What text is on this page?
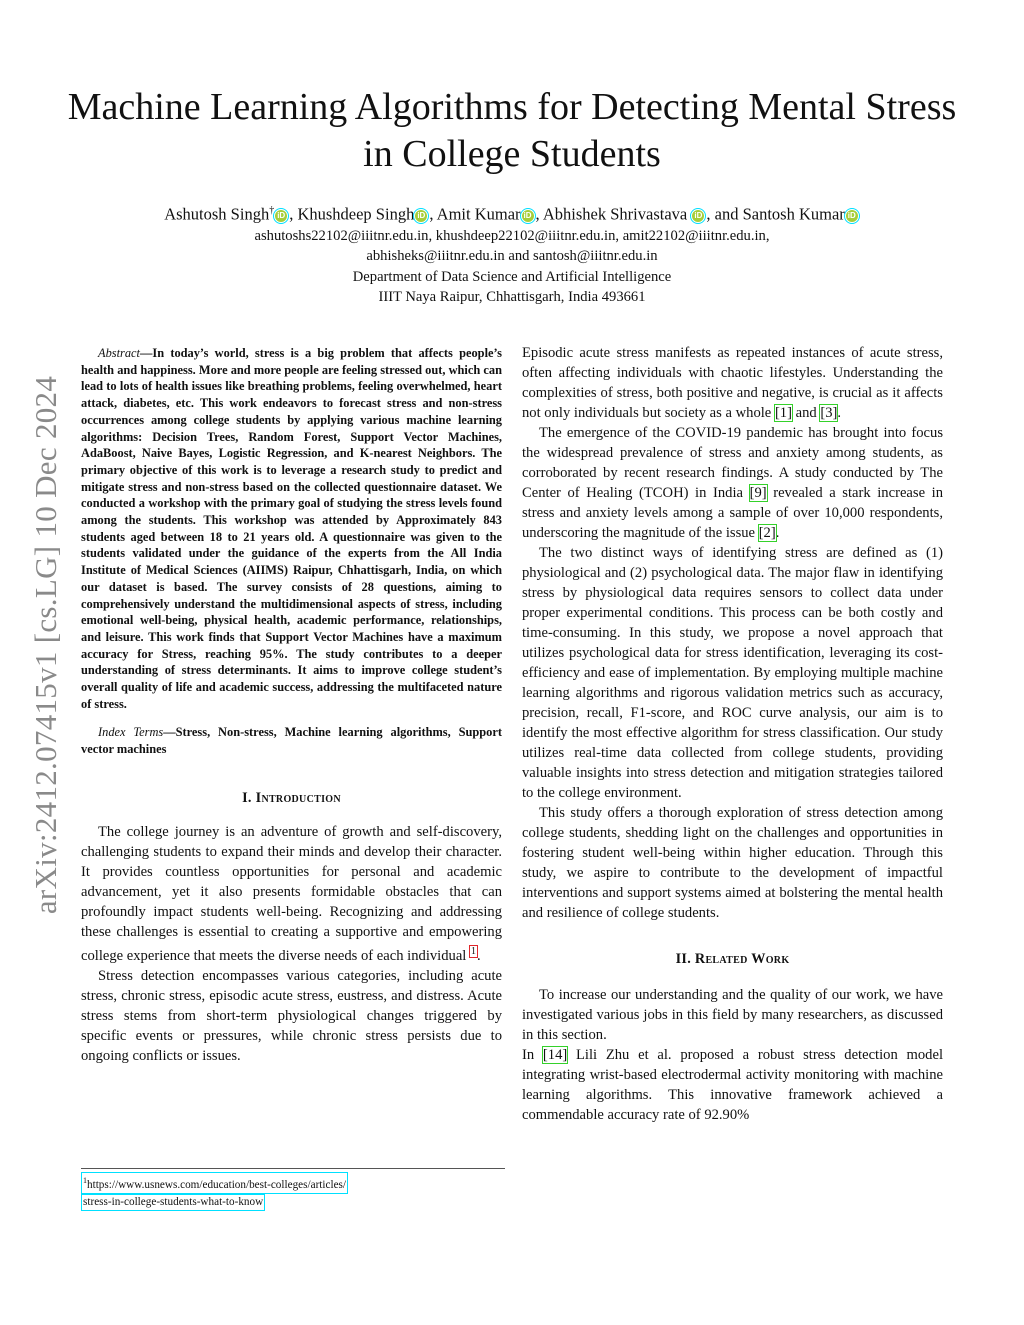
arXiv:2412.07415v1 [cs.LG] 10 Dec 2024
Machine Learning Algorithms for Detecting Mental Stress in College Students
Ashutosh Singh† iD , Khushdeep Singh iD , Amit Kumar iD , Abhishek Shrivastava iD , and Santosh Kumar iD
ashutoshs22102@iiitnr.edu.in, khushdeep22102@iiitnr.edu.in, amit22102@iiitnr.edu.in,
abhisheks@iiitnr.edu.in and santosh@iiitnr.edu.in
Department of Data Science and Artificial Intelligence
IIIT Naya Raipur, Chhattisgarh, India 493661

Abstract—In today’s world, stress is a big problem that affects people’s health and happiness. More and more people are feeling stressed out, which can lead to lots of health issues like breathing problems, feeling overwhelmed, heart attack, diabetes, etc. This work endeavors to forecast stress and non-stress occurrences among college students by applying various machine learning algorithms: Decision Trees, Random Forest, Support Vector Machines, AdaBoost, Naive Bayes, Logistic Regression, and K-nearest Neighbors. The primary objective of this work is to leverage a research study to predict and mitigate stress and non-stress based on the collected questionnaire dataset. We conducted a workshop with the primary goal of studying the stress levels found among the students. This workshop was attended by Approximately 843 students aged between 18 to 21 years old. A questionnaire was given to the students validated under the guidance of the experts from the All India Institute of Medical Sciences (AIIMS) Raipur, Chhattisgarh, India, on which our dataset is based. The survey consists of 28 questions, aiming to comprehensively understand the multidimensional aspects of stress, including emotional well-being, physical health, academic performance, relationships, and leisure. This work finds that Support Vector Machines have a maximum accuracy for Stress, reaching 95%. The study contributes to a deeper understanding of stress determinants. It aims to improve college student’s overall quality of life and academic success, addressing the multifaceted nature of stress.

Index Terms—Stress, Non-stress, Machine learning algorithms, Support vector machines

I. Introduction

The college journey is an adventure of growth and self-discovery, challenging students to expand their minds and develop their character. It provides countless opportunities for personal and academic advancement, yet it also presents formidable obstacles that can profoundly impact students well-being. Recognizing and addressing these challenges is essential to creating a supportive and empowering college experience that meets the diverse needs of each individual $^1$.

Stress detection encompasses various categories, including acute stress, chronic stress, episodic acute stress, eustress, and distress. Acute stress stems from short-term physiological changes triggered by specific events or pressures, while chronic stress persists due to ongoing conflicts or issues.

$^1$https://www.usnews.com/education/best-colleges/articles/
stress-in-college-students-what-to-know

Episodic acute stress manifests as repeated instances of acute stress, often affecting individuals with chaotic lifestyles. Understanding the complexities of stress, both positive and negative, is crucial as it affects not only individuals but society as a whole [1] and [3].

The emergence of the COVID-19 pandemic has brought into focus the widespread prevalence of stress and anxiety among students, as corroborated by recent research findings. A study conducted by The Center of Healing (TCOH) in India [9] revealed a stark increase in stress and anxiety levels among a sample of over 10,000 respondents, underscoring the magnitude of the issue [2].

The two distinct ways of identifying stress are defined as (1) physiological and (2) psychological data. The major flaw in identifying stress by physiological data requires sensors to collect data under proper experimental conditions. This process can be both costly and time-consuming. In this study, we propose a novel approach that utilizes psychological data for stress identification, leveraging its cost-efficiency and ease of implementation. By employing multiple machine learning algorithms and rigorous validation metrics such as accuracy, precision, recall, F1-score, and ROC curve analysis, our aim is to identify the most effective algorithm for stress classification. Our study utilizes real-time data collected from college students, providing valuable insights into stress detection and mitigation strategies tailored to the college environment.

This study offers a thorough exploration of stress detection among college students, shedding light on the challenges and opportunities in fostering student well-being within higher education. Through this study, we aspire to contribute to the development of impactful interventions and support systems aimed at bolstering the mental health and resilience of college students.

II. Related Work

To increase our understanding and the quality of our work, we have investigated various jobs in this field by many researchers, as discussed in this section.

In [14] Lili Zhu et al. proposed a robust stress detection model integrating wrist-based electrodermal activity monitoring with machine learning algorithms. This innovative framework achieved a commendable accuracy rate of 92.90%
